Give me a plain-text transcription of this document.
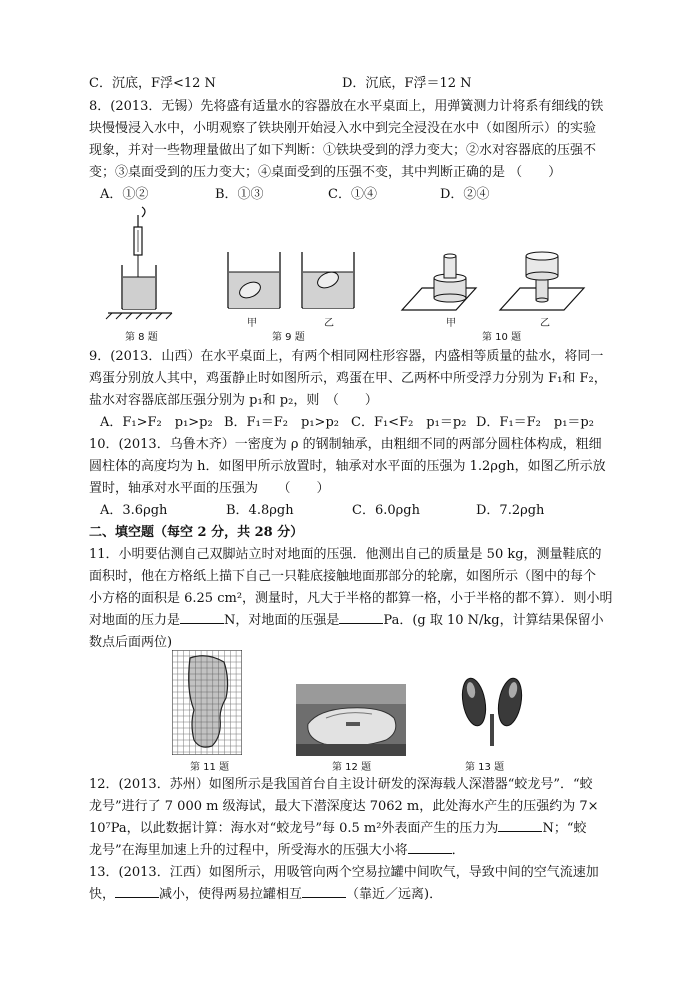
C．沉底，F浮<12 N	D．沉底，F浮＝12 N
8．(2013．无锡）先将盛有适量水的容器放在水平桌面上，用弹簧测力计将系有细线的铁
块慢慢浸入水中，小明观察了铁块刚开始浸入水中到完全浸没在水中（如图所示）的实验
现象，并对一些物理量做出了如下判断：①铁块受到的浮力变大；②水对容器底的压强不
变；③桌面受到的压力变大；④桌面受到的压强不变，其中判断正确的是 （　　）
A．①②	B．①③	C．①④	D．②④
第 8 题
甲	乙
第 9 题
甲	乙
第 10 题
9．(2013．山西）在水平桌面上，有两个相同网柱形容器，内盛相等质量的盐水，将同一
鸡蛋分别放人其中，鸡蛋静止时如图所示，鸡蛋在甲、乙两杯中所受浮力分别为 F₁和 F₂，
盐水对容器底部压强分别为 p₁和 p₂，则　（　　）
A．F₁>F₂　p₁>p₂ B．F₁＝F₂　p₁>p₂ C．F₁<F₂　p₁＝p₂ D．F₁＝F₂　p₁＝p₂
10．(2013．乌鲁木齐）一密度为 ρ 的钢制轴承，由粗细不同的两部分圆柱体构成，粗细
圆柱体的高度均为 h．如图甲所示放置时，轴承对水平面的压强为 1.2ρgh，如图乙所示放
置时，轴承对水平面的压强为　　（　　）
A．3.6ρgh	B．4.8ρgh	C．6.0ρgh	D．7.2ρgh
二、填空题（每空 2 分，共 28 分）
11．小明要估测自己双脚站立时对地面的压强．他测出自己的质量是 50 kg，测量鞋底的
面积时，他在方格纸上描下自己一只鞋底接触地面那部分的轮廓，如图所示（图中的每个
小方格的面积是 6.25 cm²，测量时，凡大于半格的都算一格，小于半格的都不算）．则小明
对地面的压力是	N，对地面的压强是	Pa．(g 取 10 N/kg，计算结果保留小
数点后面两位)
第 11 题	第 12 题	第 13 题
12．(2013．苏州）如图所示是我国首台自主设计研发的深海载人深潜器“蛟龙号”．“蛟
龙号”进行了 7 000 m 级海试，最大下潜深度达 7062 m，此处海水产生的压强约为 7×
10⁷Pa，以此数据计算：海水对“蛟龙号”每 0.5 m²外表面产生的压力为	N；“蛟
龙号”在海里加速上升的过程中，所受海水的压强大小将	．
13．(2013．江西）如图所示，用吸管向两个空易拉罐中间吹气，导致中间的空气流速加
快，	减小，使得两易拉罐相互	（靠近／远离)．
